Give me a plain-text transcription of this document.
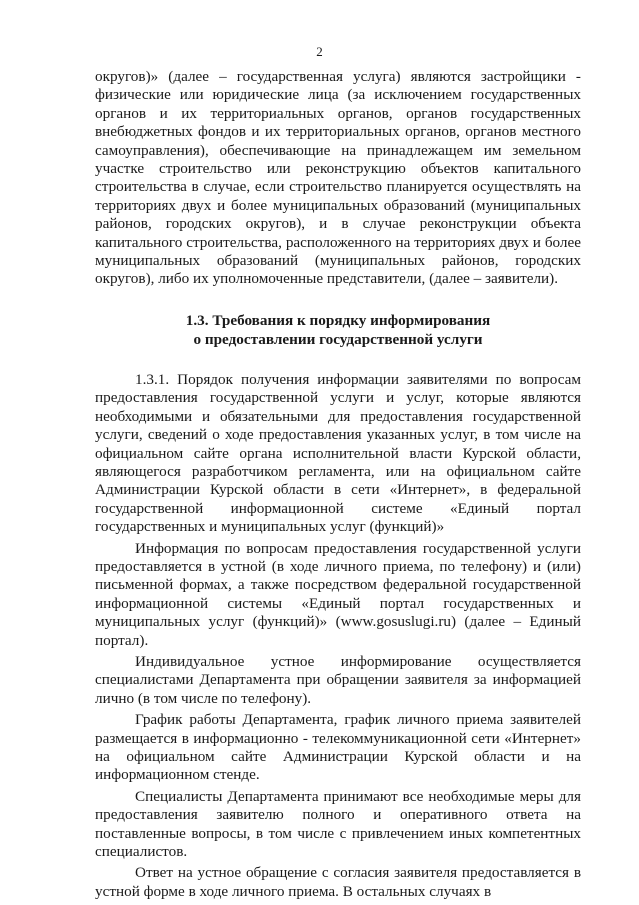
2

округов)» (далее – государственная услуга) являются застройщики - физические или юридические лица (за исключением государственных органов и их территориальных органов, органов государственных внебюджетных фондов и их территориальных органов, органов местного самоуправления), обеспечивающие на принадлежащем им земельном участке строительство или реконструкцию объектов капитального строительства в случае, если строительство планируется осуществлять на территориях двух и более муниципальных образований (муниципальных районов, городских округов), и в случае реконструкции объекта капитального строительства, расположенного на территориях двух и более муниципальных образований (муниципальных районов, городских округов), либо их уполномоченные представители, (далее – заявители).

1.3. Требования к порядку информирования
о предоставлении государственной услуги

1.3.1. Порядок получения информации заявителями по вопросам предоставления государственной услуги и услуг, которые являются необходимыми и обязательными для предоставления государственной услуги, сведений о ходе предоставления указанных услуг, в том числе на официальном сайте органа исполнительной власти Курской области, являющегося разработчиком регламента, или на официальном сайте Администрации Курской области в сети «Интернет», в федеральной государственной информационной системе «Единый портал государственных и муниципальных услуг (функций)»

Информация по вопросам предоставления государственной услуги предоставляется в устной (в ходе личного приема, по телефону) и (или) письменной формах, а также посредством федеральной государственной информационной системы «Единый портал государственных и муниципальных услуг (функций)» (www.gosuslugi.ru) (далее – Единый портал).

Индивидуальное устное информирование осуществляется специалистами Департамента при обращении заявителя за информацией лично (в том числе по телефону).

График работы Департамента, график личного приема заявителей размещается в информационно - телекоммуникационной сети «Интернет» на официальном сайте Администрации Курской области и на информационном стенде.

Специалисты Департамента принимают все необходимые меры для предоставления заявителю полного и оперативного ответа на поставленные вопросы, в том числе с привлечением иных компетентных специалистов.

Ответ на устное обращение с согласия заявителя предоставляется в устной форме в ходе личного приема. В остальных случаях в
